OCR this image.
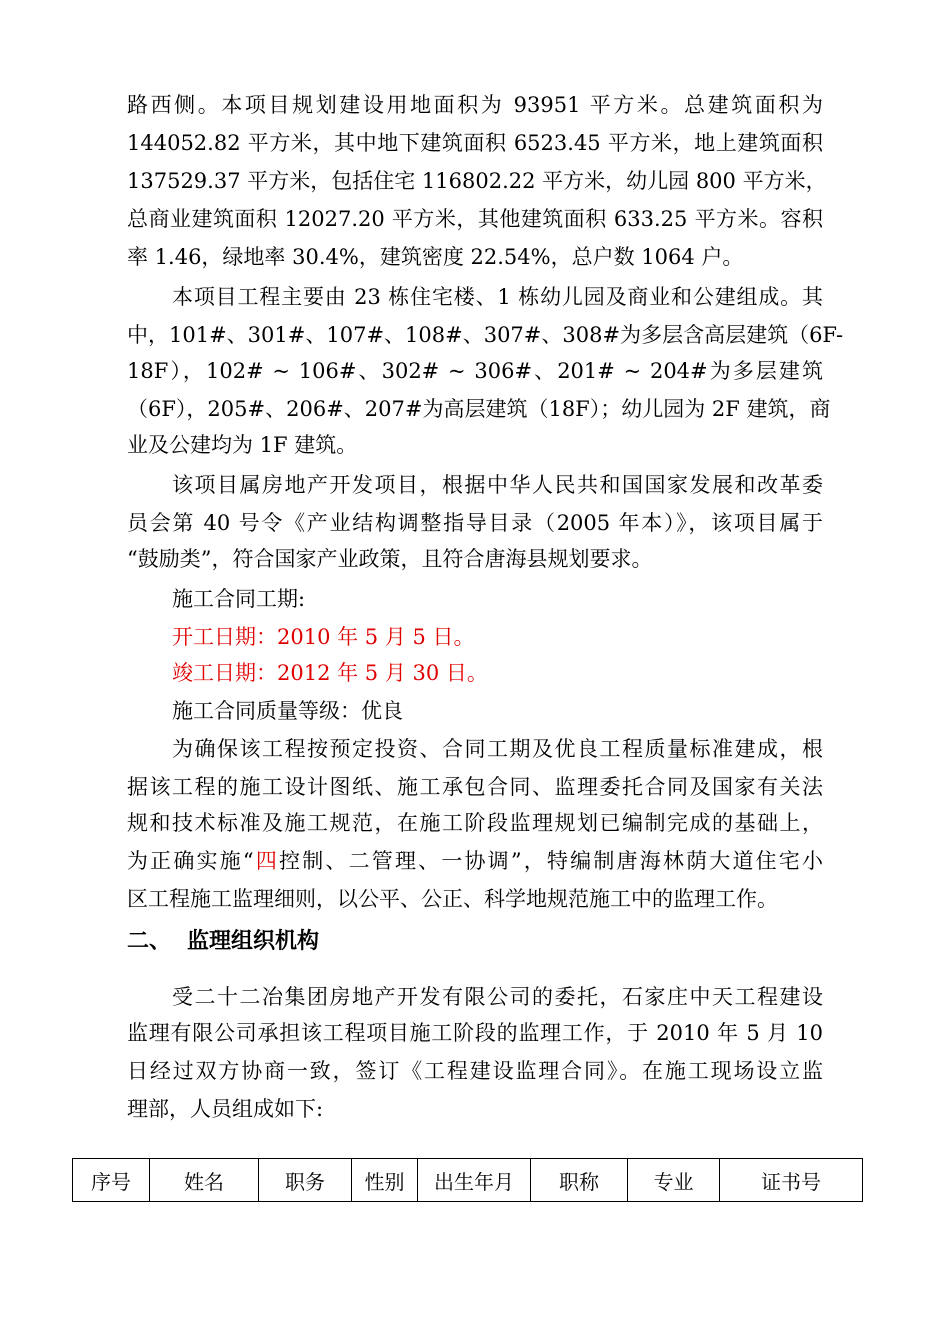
路西侧。本项目规划建设用地面积为 93951 平方米。总建筑面积为
144052.82 平方米，其中地下建筑面积 6523.45 平方米，地上建筑面积
137529.37 平方米，包括住宅 116802.22 平方米，幼儿园 800 平方米，
总商业建筑面积 12027.20 平方米，其他建筑面积 633.25 平方米。容积
率 1.46，绿地率 30.4%，建筑密度 22.54%，总户数 1064 户。
本项目工程主要由 23 栋住宅楼、1 栋幼儿园及商业和公建组成。其
中，101#、301#、107#、108#、307#、308#为多层含高层建筑（6F-
18F），102# ~ 106#、302# ~ 306#、201# ~ 204#为多层建筑
（6F），205#、206#、207#为高层建筑（18F）；幼儿园为 2F 建筑，商
业及公建均为 1F 建筑。
该项目属房地产开发项目，根据中华人民共和国国家发展和改革委
员会第 40 号令《产业结构调整指导目录（2005 年本）》，该项目属于
“鼓励类”，符合国家产业政策，且符合唐海县规划要求。
施工合同工期:
开工日期：2010 年 5 月 5 日。
竣工日期：2012 年 5 月 30 日。
施工合同质量等级：优良
为确保该工程按预定投资、合同工期及优良工程质量标准建成，根
据该工程的施工设计图纸、施工承包合同、监理委托合同及国家有关法
规和技术标准及施工规范，在施工阶段监理规划已编制完成的基础上，
为正确实施“四控制、二管理、一协调”，特编制唐海林荫大道住宅小
区工程施工监理细则，以公平、公正、科学地规范施工中的监理工作。
二、 监理组织机构
受二十二冶集团房地产开发有限公司的委托，石家庄中天工程建设
监理有限公司承担该工程项目施工阶段的监理工作，于 2010 年 5 月 10
日经过双方协商一致，签订《工程建设监理合同》。在施工现场设立监
理部，人员组成如下:
序号	姓名	职务	性别	出生年月	职称	专业	证书号
